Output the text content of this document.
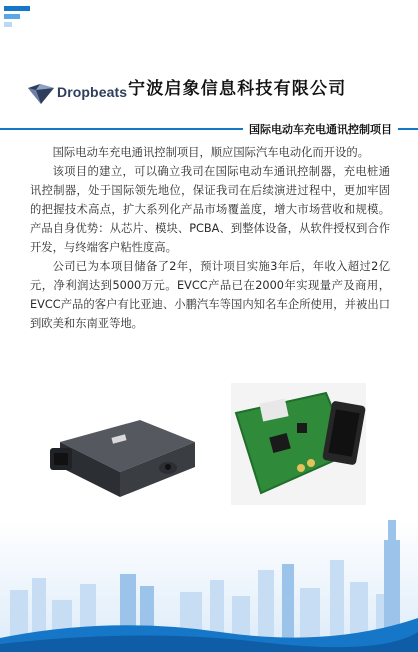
Dropbeats 宁波启象信息科技有限公司
国际电动车充电通讯控制项目

国际电动车充电通讯控制项目，顺应国际汽车电动化而开设的。

该项目的建立，可以确立我司在国际电动车通讯控制器，充电桩通讯控制器，处于国际领先地位，保证我司在后续演进过程中，更加牢固的把握技术高点，扩大系列化产品市场覆盖度，增大市场营收和规模。产品自身优势：从芯片、模块、PCBA、到整体设备，从软件授权到合作开发，与终端客户粘性度高。

公司已为本项目储备了2年，预计项目实施3年后，年收入超过2亿元，净利润达到5000万元。EVCC产品已在2000年实现量产及商用，EVCC产品的客户有比亚迪、小鹏汽车等国内知名车企所使用，并被出口到欧美和东南亚等地。
